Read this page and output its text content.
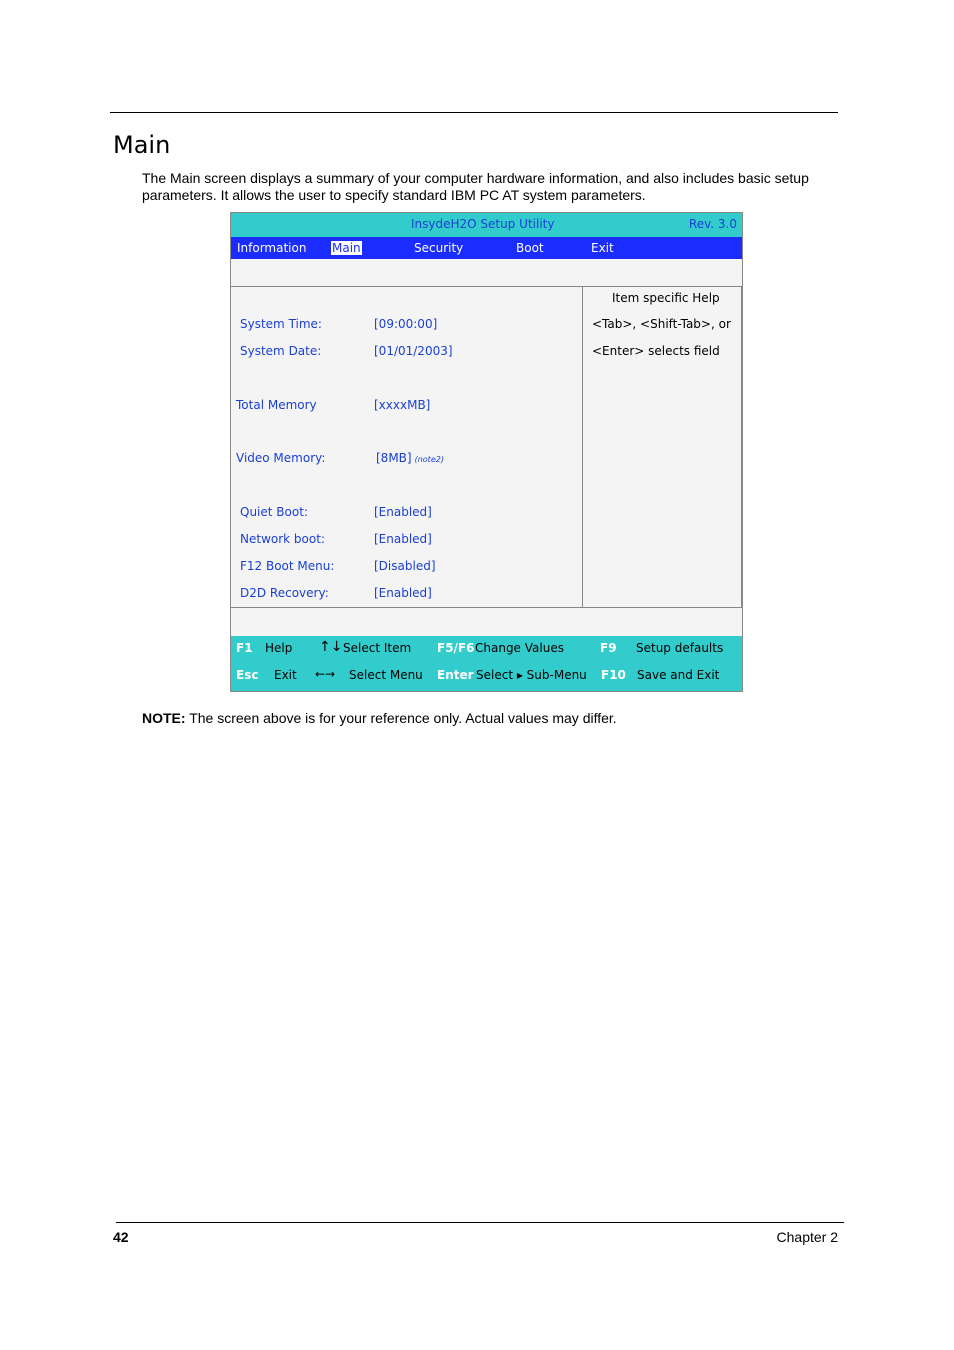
Main

The Main screen displays a summary of your computer hardware information, and also includes basic setup parameters. It allows the user to specify standard IBM PC AT system parameters.

InsydeH2O Setup Utility	Rev. 3.0
Information Main	Security	Boot	Exit
System Time:	[09:00:00]
System Date:	[01/01/2003]
Total Memory	[xxxxMB]
Video Memory:	[8MB] (note2)
Quiet Boot:	[Enabled]
Network boot:	[Enabled]
F12 Boot Menu:	[Disabled]
D2D Recovery:	[Enabled]
Item specific Help
<Tab>, <Shift-Tab>, or
<Enter> selects field
F1 Help ↑↓ Select Item F5/F6 Change Values	F9 Setup defaults
Esc Exit ←→ Select Menu Enter Select ▸ Sub-Menu F10 Save and Exit

NOTE: The screen above is for your reference only. Actual values may differ.

42	Chapter 2
